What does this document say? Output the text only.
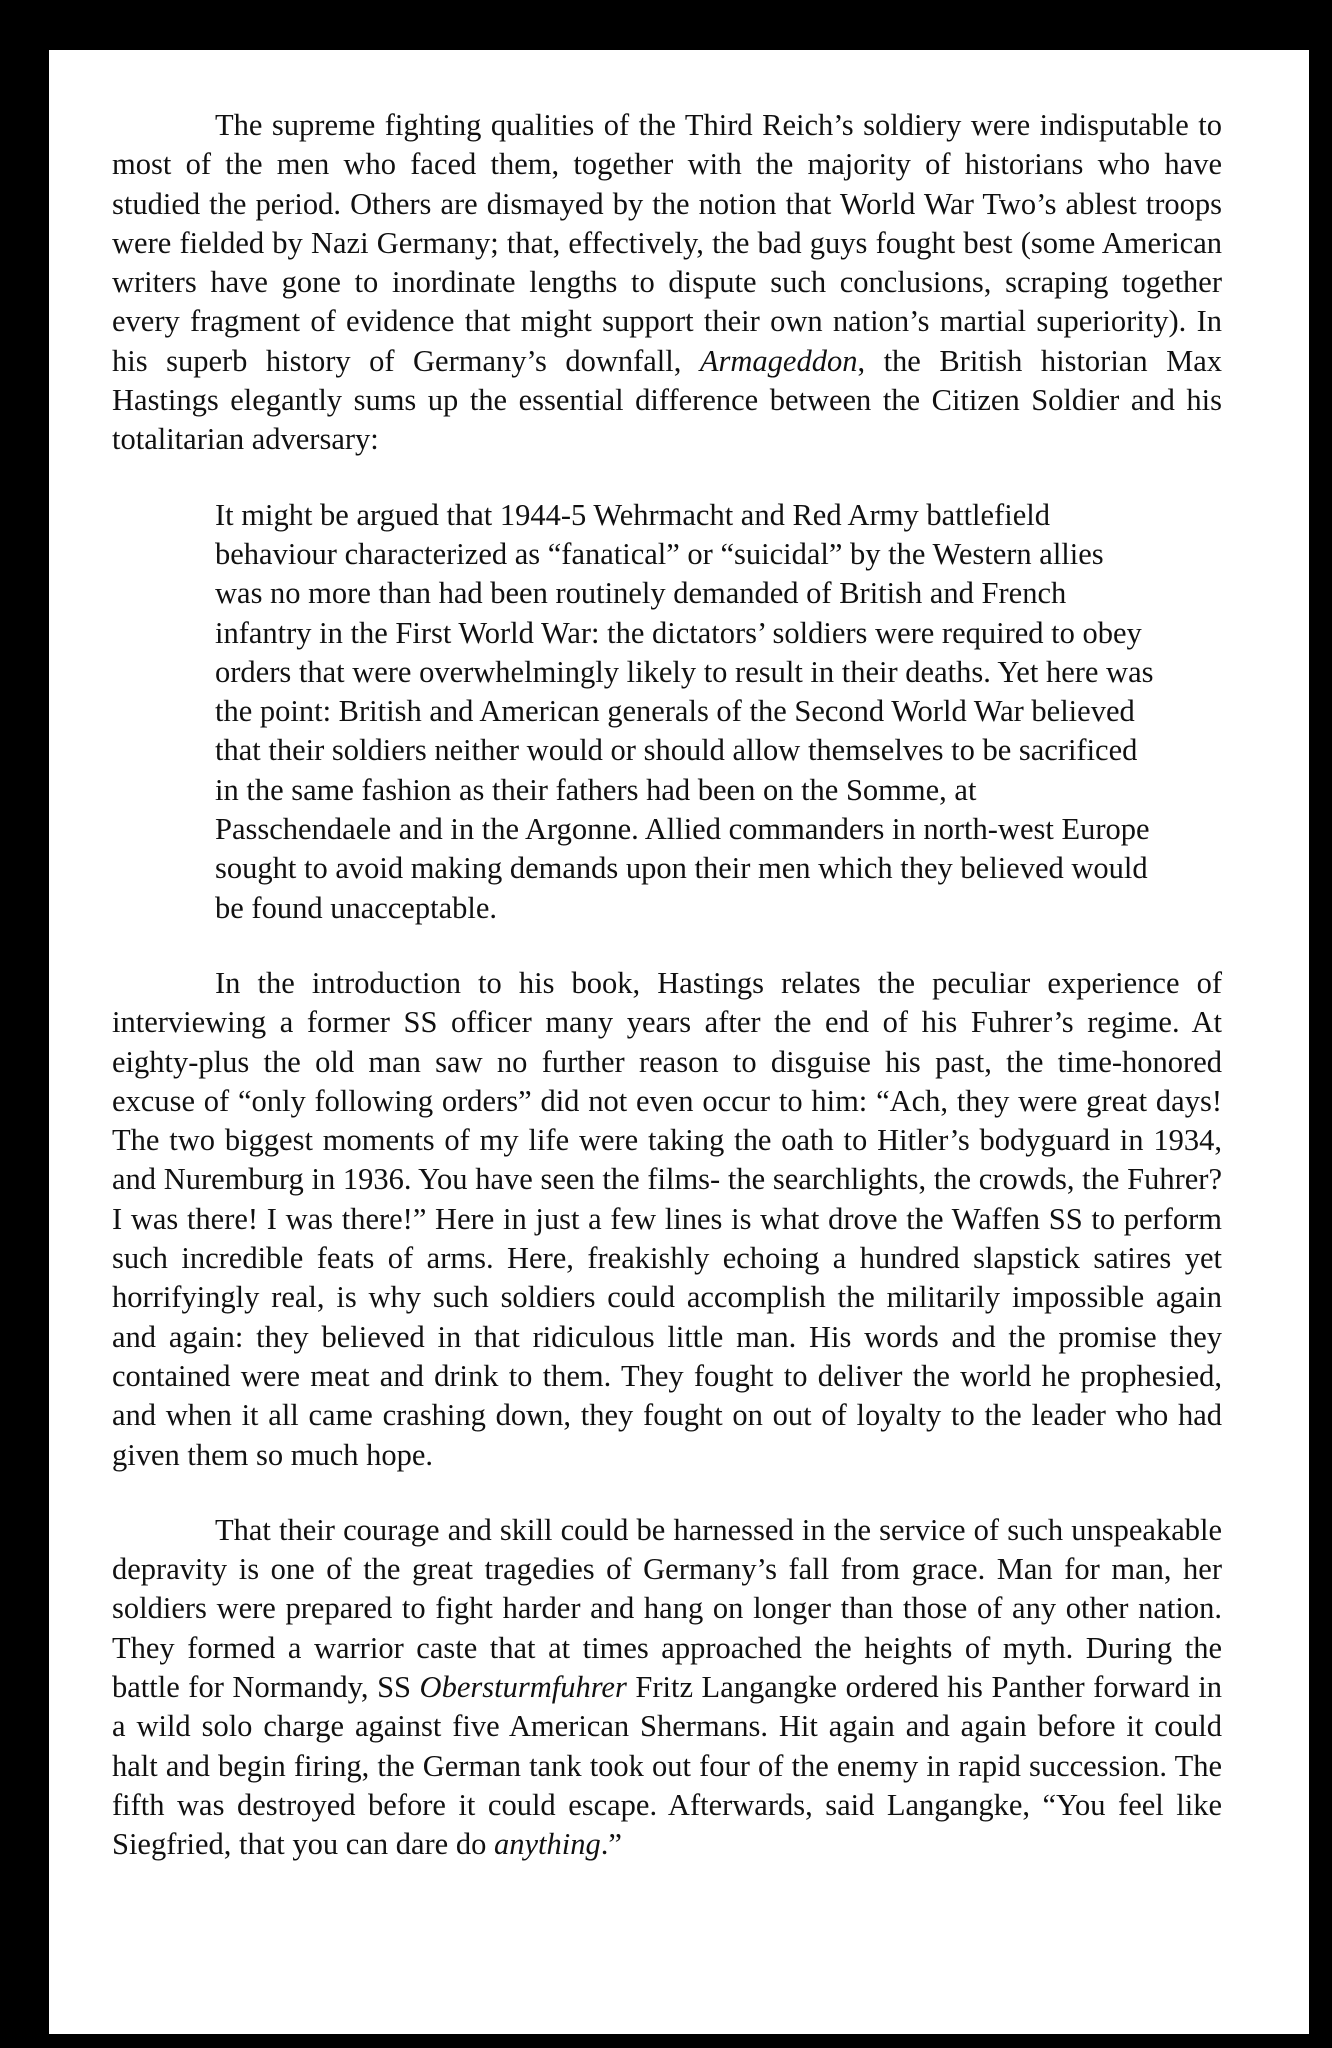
The supreme fighting qualities of the Third Reich’s soldiery were indisputable to most of the men who faced them, together with the majority of historians who have studied the period. Others are dismayed by the notion that World War Two’s ablest troops were fielded by Nazi Germany; that, effectively, the bad guys fought best (some American writers have gone to inordinate lengths to dispute such conclusions, scraping together every fragment of evidence that might support their own nation’s martial superiority). In his superb history of Germany’s downfall, Armageddon, the British historian Max Hastings elegantly sums up the essential difference between the Citizen Soldier and his totalitarian adversary:

It might be argued that 1944-5 Wehrmacht and Red Army battlefield behaviour characterized as “fanatical” or “suicidal” by the Western allies was no more than had been routinely demanded of British and French infantry in the First World War: the dictators’ soldiers were required to obey orders that were overwhelmingly likely to result in their deaths. Yet here was the point: British and American generals of the Second World War believed that their soldiers neither would or should allow themselves to be sacrificed in the same fashion as their fathers had been on the Somme, at Passchendaele and in the Argonne. Allied commanders in north-west Europe sought to avoid making demands upon their men which they believed would be found unacceptable.

In the introduction to his book, Hastings relates the peculiar experience of interviewing a former SS officer many years after the end of his Fuhrer’s regime. At eighty-plus the old man saw no further reason to disguise his past, the time-honored excuse of “only following orders” did not even occur to him: “Ach, they were great days! The two biggest moments of my life were taking the oath to Hitler’s bodyguard in 1934, and Nuremburg in 1936. You have seen the films- the searchlights, the crowds, the Fuhrer? I was there! I was there!” Here in just a few lines is what drove the Waffen SS to perform such incredible feats of arms. Here, freakishly echoing a hundred slapstick satires yet horrifyingly real, is why such soldiers could accomplish the militarily impossible again and again: they believed in that ridiculous little man. His words and the promise they contained were meat and drink to them. They fought to deliver the world he prophesied, and when it all came crashing down, they fought on out of loyalty to the leader who had given them so much hope.

That their courage and skill could be harnessed in the service of such unspeakable depravity is one of the great tragedies of Germany’s fall from grace. Man for man, her soldiers were prepared to fight harder and hang on longer than those of any other nation. They formed a warrior caste that at times approached the heights of myth. During the battle for Normandy, SS Obersturmfuhrer Fritz Langangke ordered his Panther forward in a wild solo charge against five American Shermans. Hit again and again before it could halt and begin firing, the German tank took out four of the enemy in rapid succession. The fifth was destroyed before it could escape. Afterwards, said Langangke, “You feel like Siegfried, that you can dare do anything.”
